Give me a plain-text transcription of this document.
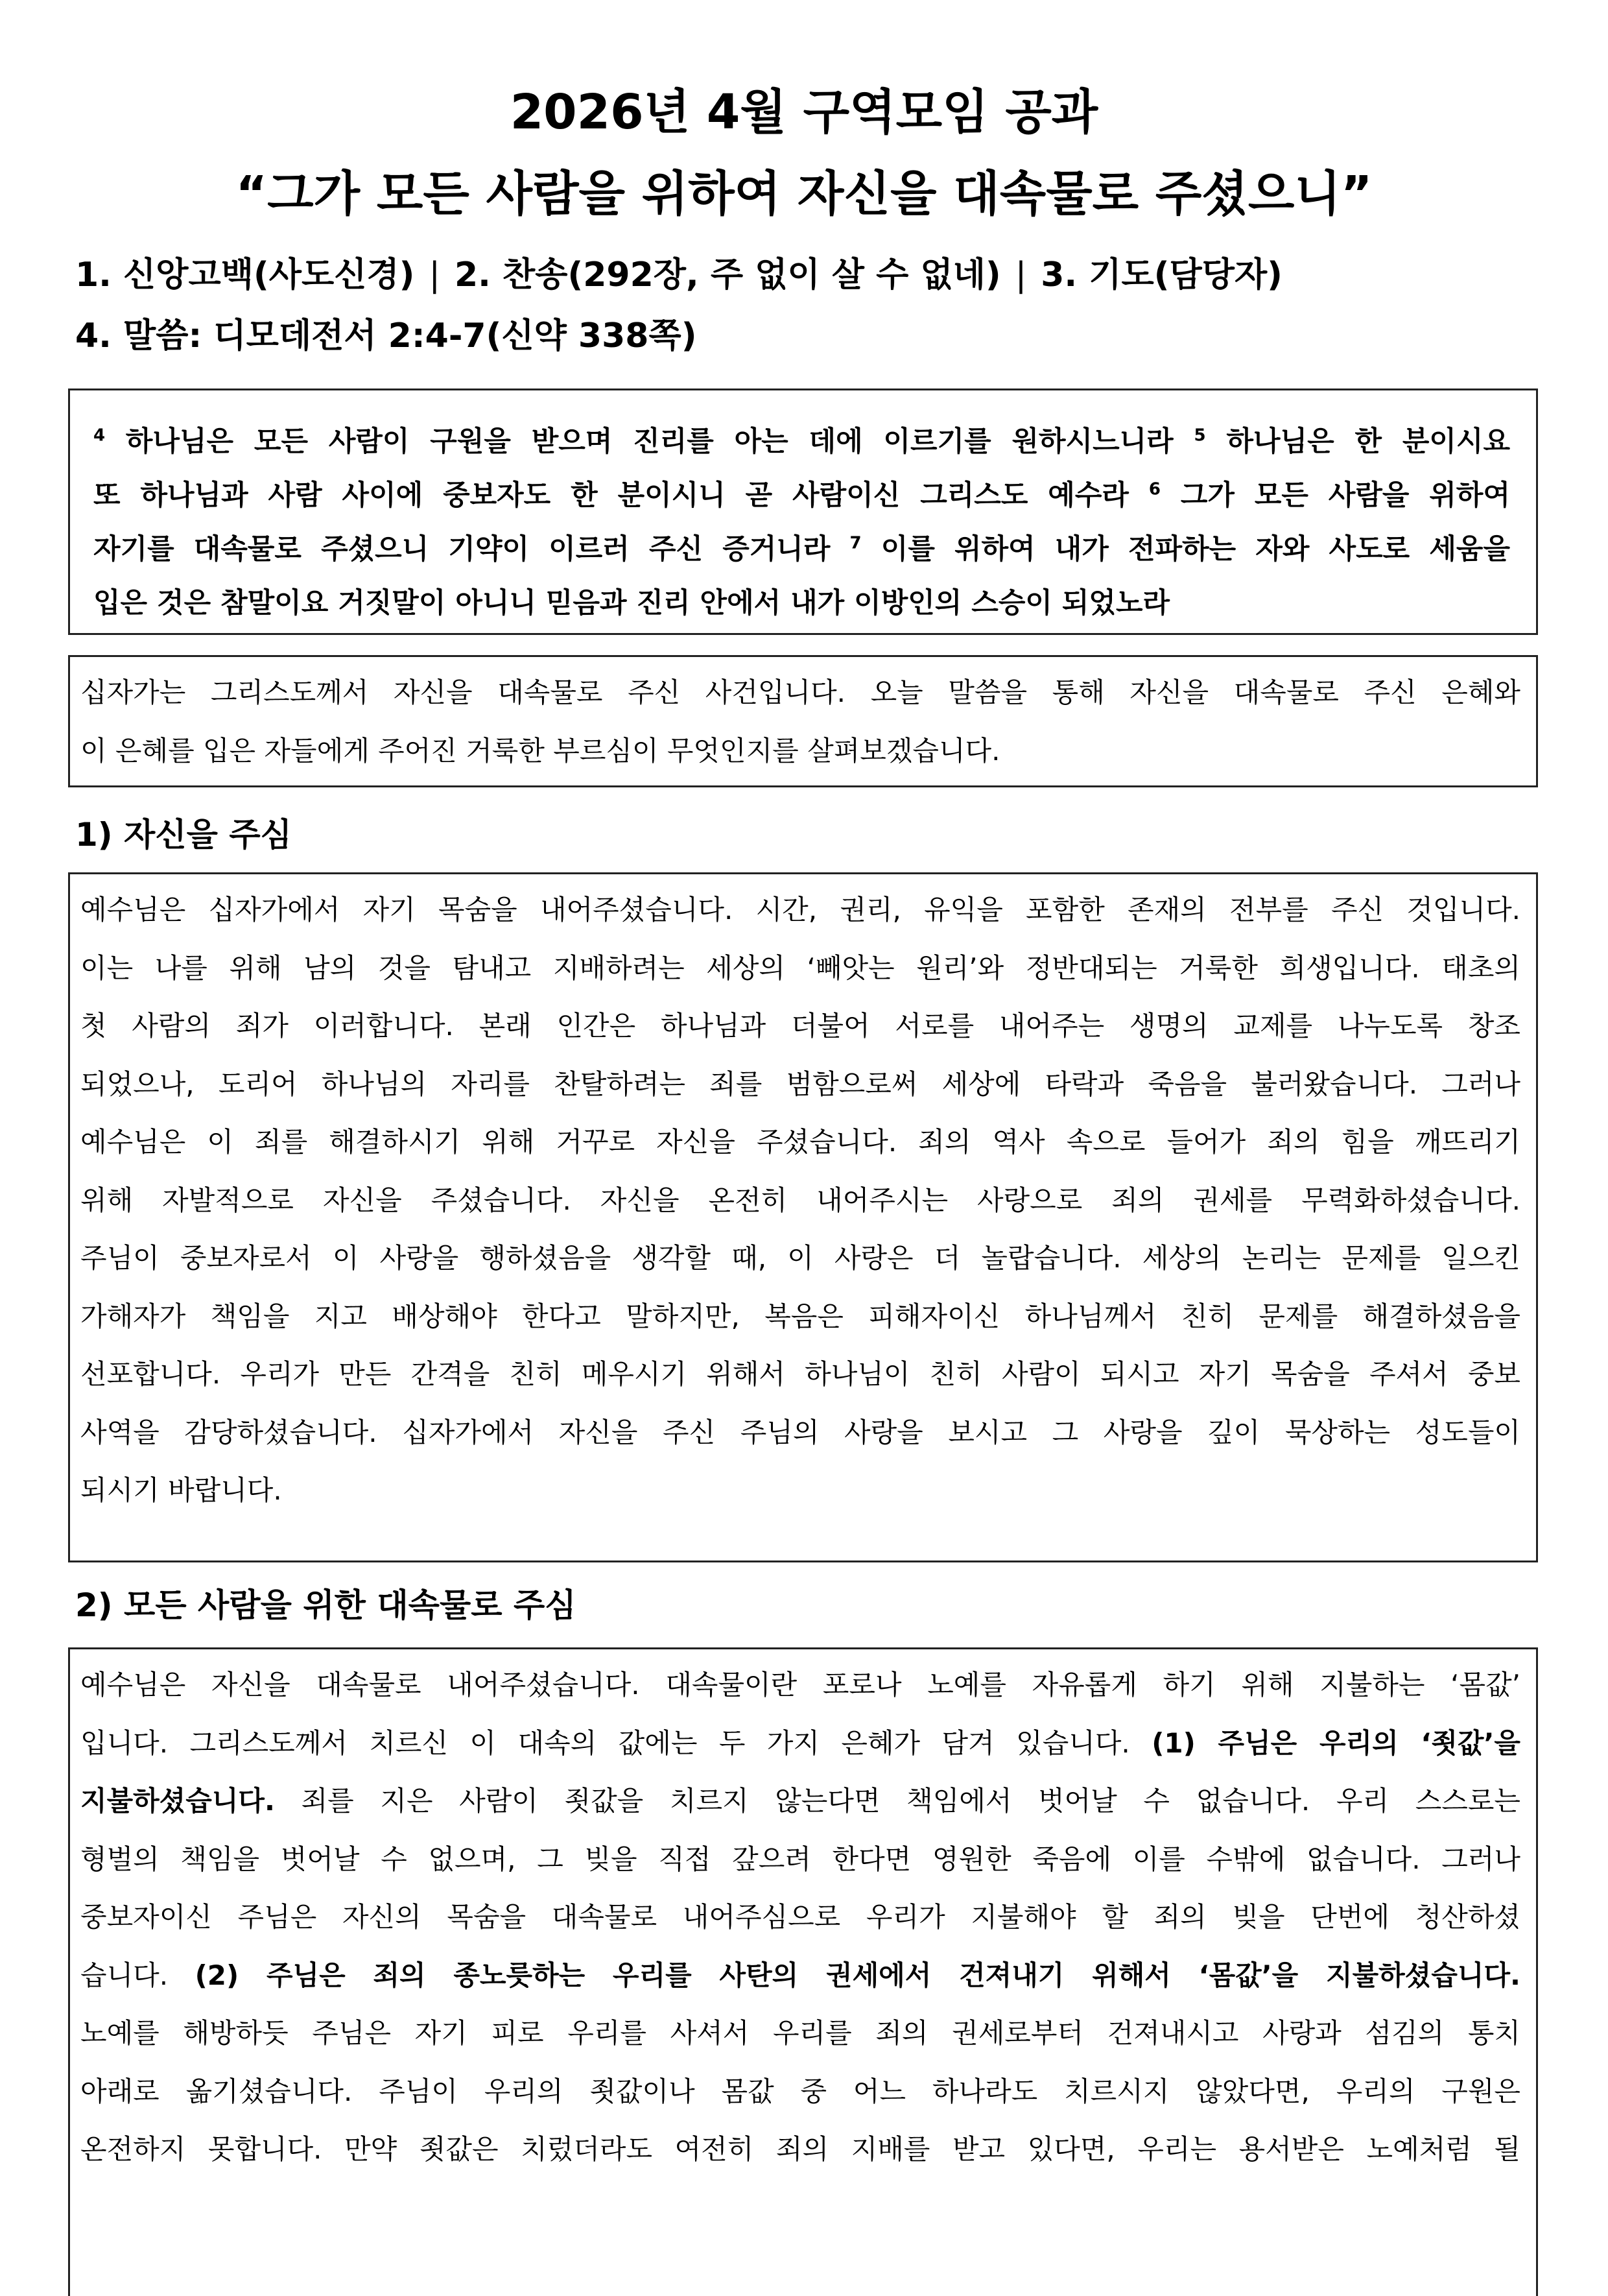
2026년 4월 구역모임 공과
“그가 모든 사람을 위하여 자신을 대속물로 주셨으니”
1. 신앙고백(사도신경) | 2. 찬송(292장, 주 없이 살 수 없네) | 3. 기도(담당자)
4. 말씀: 디모데전서 2:4-7(신약 338쪽)
$^4$ 하나님은 모든 사람이 구원을 받으며 진리를 아는 데에 이르기를 원하시느니라 $^5$ 하나님은 한 분이시요
또 하나님과 사람 사이에 중보자도 한 분이시니 곧 사람이신 그리스도 예수라 $^6$ 그가 모든 사람을 위하여
자기를 대속물로 주셨으니 기약이 이르러 주신 증거니라 $^7$ 이를 위하여 내가 전파하는 자와 사도로 세움을
입은 것은 참말이요 거짓말이 아니니 믿음과 진리 안에서 내가 이방인의 스승이 되었노라
십자가는 그리스도께서 자신을 대속물로 주신 사건입니다. 오늘 말씀을 통해 자신을 대속물로 주신 은혜와
이 은혜를 입은 자들에게 주어진 거룩한 부르심이 무엇인지를 살펴보겠습니다.
1) 자신을 주심
예수님은 십자가에서 자기 목숨을 내어주셨습니다. 시간, 권리, 유익을 포함한 존재의 전부를 주신 것입니다.
이는 나를 위해 남의 것을 탐내고 지배하려는 세상의 ‘빼앗는 원리’와 정반대되는 거룩한 희생입니다. 태초의
첫 사람의 죄가 이러합니다. 본래 인간은 하나님과 더불어 서로를 내어주는 생명의 교제를 나누도록 창조
되었으나, 도리어 하나님의 자리를 찬탈하려는 죄를 범함으로써 세상에 타락과 죽음을 불러왔습니다. 그러나
예수님은 이 죄를 해결하시기 위해 거꾸로 자신을 주셨습니다. 죄의 역사 속으로 들어가 죄의 힘을 깨뜨리기
위해 자발적으로 자신을 주셨습니다. 자신을 온전히 내어주시는 사랑으로 죄의 권세를 무력화하셨습니다.
주님이 중보자로서 이 사랑을 행하셨음을 생각할 때, 이 사랑은 더 놀랍습니다. 세상의 논리는 문제를 일으킨
가해자가 책임을 지고 배상해야 한다고 말하지만, 복음은 피해자이신 하나님께서 친히 문제를 해결하셨음을
선포합니다. 우리가 만든 간격을 친히 메우시기 위해서 하나님이 친히 사람이 되시고 자기 목숨을 주셔서 중보
사역을 감당하셨습니다. 십자가에서 자신을 주신 주님의 사랑을 보시고 그 사랑을 깊이 묵상하는 성도들이
되시기 바랍니다.
2) 모든 사람을 위한 대속물로 주심
예수님은 자신을 대속물로 내어주셨습니다. 대속물이란 포로나 노예를 자유롭게 하기 위해 지불하는 ‘몸값’
입니다. 그리스도께서 치르신 이 대속의 값에는 두 가지 은혜가 담겨 있습니다. (1) 주님은 우리의 ‘죗값’을
지불하셨습니다. 죄를 지은 사람이 죗값을 치르지 않는다면 책임에서 벗어날 수 없습니다. 우리 스스로는
형벌의 책임을 벗어날 수 없으며, 그 빚을 직접 갚으려 한다면 영원한 죽음에 이를 수밖에 없습니다. 그러나
중보자이신 주님은 자신의 목숨을 대속물로 내어주심으로 우리가 지불해야 할 죄의 빚을 단번에 청산하셨
습니다. (2) 주님은 죄의 종노릇하는 우리를 사탄의 권세에서 건져내기 위해서 ‘몸값’을 지불하셨습니다.
노예를 해방하듯 주님은 자기 피로 우리를 사셔서 우리를 죄의 권세로부터 건져내시고 사랑과 섬김의 통치
아래로 옮기셨습니다. 주님이 우리의 죗값이나 몸값 중 어느 하나라도 치르시지 않았다면, 우리의 구원은
온전하지 못합니다. 만약 죗값은 치렀더라도 여전히 죄의 지배를 받고 있다면, 우리는 용서받은 노예처럼 될
